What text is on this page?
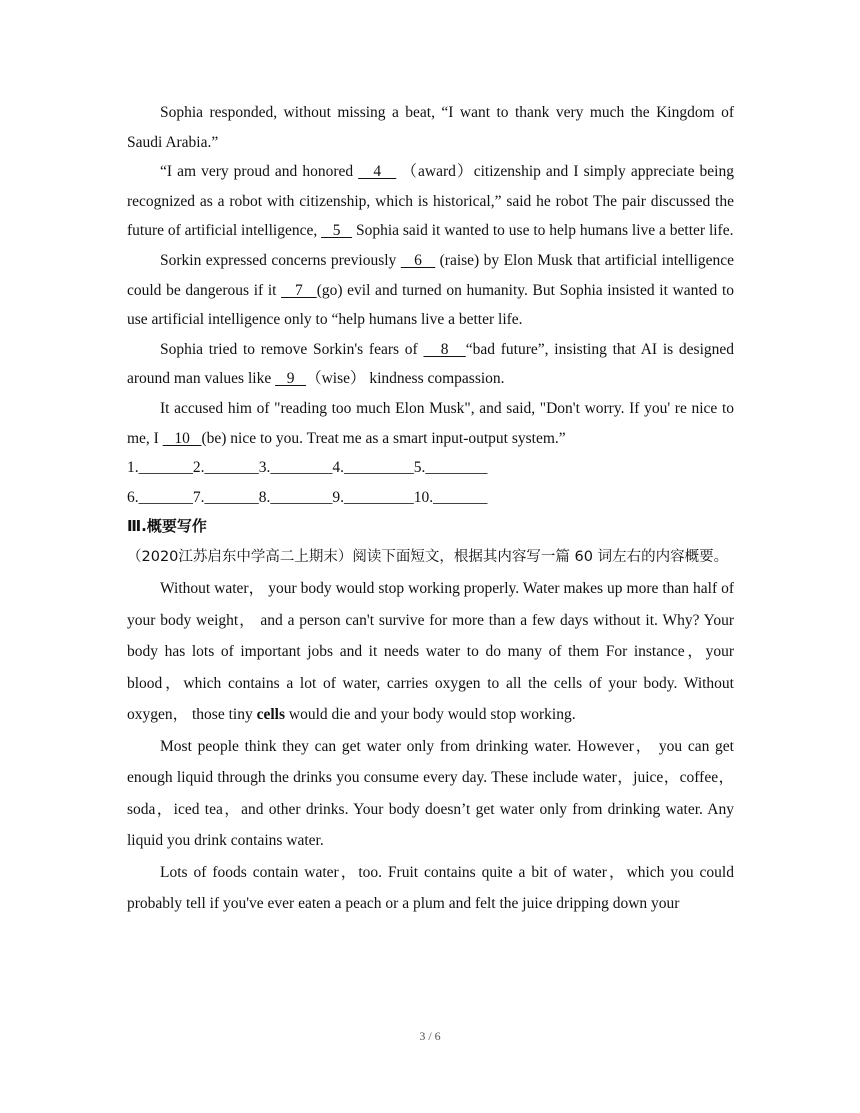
Sophia responded, without missing a beat, “I want to thank very much the Kingdom of Saudi Arabia.”

“I am very proud and honored    4    （award）citizenship and I simply appreciate being recognized as a robot with citizenship, which is historical,” said he robot The pair discussed the future of artificial intelligence,    5    Sophia said it wanted to use to help humans live a better life.

Sorkin expressed concerns previously    6    (raise) by Elon Musk that artificial intelligence could be dangerous if it    7   (go) evil and turned on humanity. But Sophia insisted it wanted to use artificial intelligence only to “help humans live a better life.

Sophia tried to remove Sorkin's fears of    8   “bad future”, insisting that AI is designed around man values like    9   （wise） kindness compassion.

It accused him of "reading too much Elon Musk", and said, "Don't worry. If you' re nice to me, I    10   (be) nice to you. Treat me as a smart input-output system.”

1._______2._______3.________4._________5.________

6._______7._______8.________9._________10._______

Ⅲ.概要写作

（2020江苏启东中学高二上期末）阅读下面短文，根据其内容写一篇 60 词左右的内容概要。

Without water， your body would stop working properly. Water makes up more than half of your body weight， and a person can't survive for more than a few days without it. Why? Your body has lots of important jobs and it needs water to do many of them For instance，your blood，which contains a lot of water, carries oxygen to all the cells of your body. Without oxygen， those tiny cells would die and your body would stop working.

Most people think they can get water only from drinking water. However， you can get enough liquid through the drinks you consume every day. These include water，juice，coffee，soda，iced tea，and other drinks. Your body doesn’t get water only from drinking water. Any liquid you drink contains water.

Lots of foods contain water，too. Fruit contains quite a bit of water，which you could probably tell if you've ever eaten a peach or a plum and felt the juice dripping down your

3 / 6
